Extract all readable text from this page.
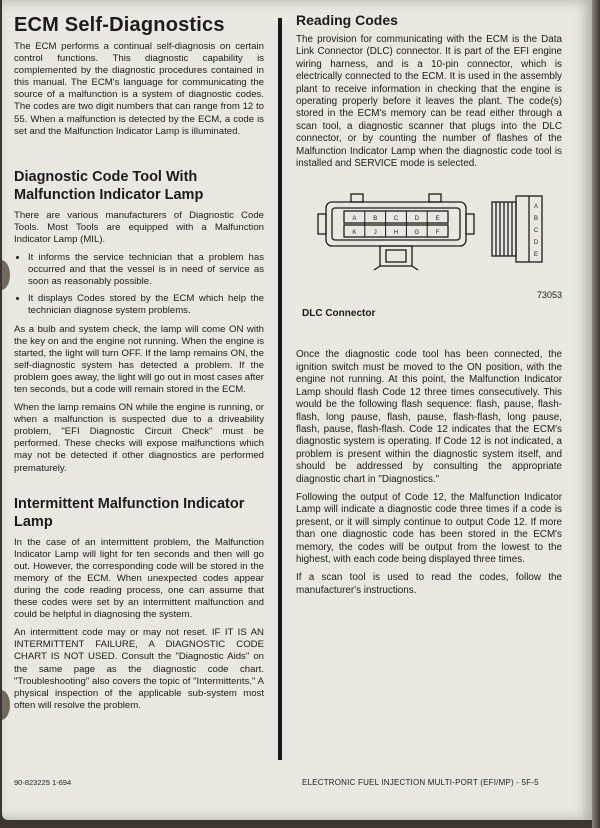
ECM Self-Diagnostics

The ECM performs a continual self-diagnosis on certain control functions. This diagnostic capability is complemented by the diagnostic procedures contained in this manual. The ECM's language for communicating the source of a malfunction is a system of diagnostic codes. The codes are two digit numbers that can range from 12 to 55. When a malfunction is detected by the ECM, a code is set and the Malfunction Indicator Lamp is illuminated.

Diagnostic Code Tool With Malfunction Indicator Lamp

There are various manufacturers of Diagnostic Code Tools. Most Tools are equipped with a Malfunction Indicator Lamp (MIL).

• It informs the service technician that a problem has occurred and that the vessel is in need of service as soon as reasonably possible.
• It displays Codes stored by the ECM which help the technician diagnose system problems.

As a bulb and system check, the lamp will come ON with the key on and the engine not running. When the engine is started, the light will turn OFF. If the lamp remains ON, the self-diagnostic system has detected a problem. If the problem goes away, the light will go out in most cases after ten seconds, but a code will remain stored in the ECM.

When the lamp remains ON while the engine is running, or when a malfunction is suspected due to a driveability problem, "EFI Diagnostic Circuit Check" must be performed. These checks will expose malfunctions which may not be detected if other diagnostics are performed prematurely.

Intermittent Malfunction Indicator Lamp

In the case of an intermittent problem, the Malfunction Indicator Lamp will light for ten seconds and then will go out. However, the corresponding code will be stored in the memory of the ECM. When unexpected codes appear during the code reading process, one can assume that these codes were set by an intermittent malfunction and could be helpful in diagnosing the system.

An intermittent code may or may not reset. IF IT IS AN INTERMITTENT FAILURE, A DIAGNOSTIC CODE CHART IS NOT USED. Consult the "Diagnostic Aids" on the same page as the diagnostic code chart. "Troubleshooting" also covers the topic of "Intermittents." A physical inspection of the applicable sub-system most often will resolve the problem.

Reading Codes

The provision for communicating with the ECM is the Data Link Connector (DLC) connector. It is part of the EFI engine wiring harness, and is a 10-pin connector, which is electrically connected to the ECM. It is used in the assembly plant to receive information in checking that the engine is operating properly before it leaves the plant. The code(s) stored in the ECM's memory can be read either through a scan tool, a diagnostic scanner that plugs into the DLC connector, or by counting the number of flashes of the Malfunction Indicator Lamp when the diagnostic code tool is installed and SERVICE mode is selected.

A	B	C	D	E
K	J	H	G	F
A
B
C
D
E
73053
DLC Connector

Once the diagnostic code tool has been connected, the ignition switch must be moved to the ON position, with the engine not running. At this point, the Malfunction Indicator Lamp should flash Code 12 three times consecutively. This would be the following flash sequence: flash, pause, flash-flash, long pause, flash, pause, flash-flash, long pause, flash, pause, flash-flash. Code 12 indicates that the ECM's diagnostic system is operating. If Code 12 is not indicated, a problem is present within the diagnostic system itself, and should be addressed by consulting the appropriate diagnostic chart in "Diagnostics."

Following the output of Code 12, the Malfunction Indicator Lamp will indicate a diagnostic code three times if a code is present, or it will simply continue to output Code 12. If more than one diagnostic code has been stored in the ECM's memory, the codes will be output from the lowest to the highest, with each code being displayed three times.

If a scan tool is used to read the codes, follow the manufacturer's instructions.

90-823225 1-694	ELECTRONIC FUEL INJECTION MULTI-PORT (EFI/MP) - 5F-5
